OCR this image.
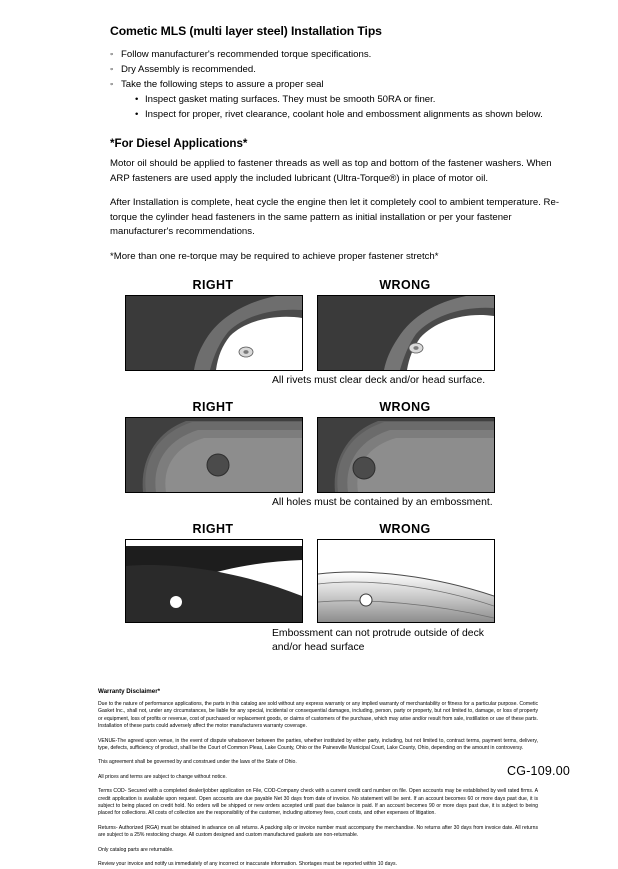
Cometic MLS (multi layer steel) Installation Tips
◦ Follow manufacturer's recommended torque specifications.
◦ Dry Assembly is recommended.
◦ Take the following steps to assure a proper seal
• Inspect gasket mating surfaces. They must be smooth 50RA or finer.
• Inspect for proper, rivet clearance, coolant hole and embossment alignments as shown below.
*For Diesel Applications*

Motor oil should be applied to fastener threads as well as top and bottom of the fastener washers. When ARP fasteners are used apply the included lubricant (Ultra-Torque®) in place of motor oil.

After Installation is complete, heat cycle the engine then let it completely cool to ambient temperature. Re-torque the cylinder head fasteners in the same pattern as initial installation or per your fastener manufacturer's recommendations.

*More than one re-torque may be required to achieve proper fastener stretch*

RIGHT	WRONG
All rivets must clear deck and/or head surface.
RIGHT	WRONG
All holes must be contained by an embossment.
RIGHT	WRONG
Embossment can not protrude outside of deck
and/or head surface
Warranty Disclaimer*

Due to the nature of performance applications, the parts in this catalog are sold without any express warranty or any implied warranty of merchantability or fitness for a particular purpose. Cometic Gasket Inc., shall not, under any circumstances, be liable for any special, incidental or consequential damages, including, person, party or property, but not limited to, damage, or loss of property or equipment, loss of profits or revenue, cost of purchased or replacement goods, or claims of customers of the purchase, which may arise and/or result from sale, instillation or use of these parts. Installation of these parts could adversely affect the motor manufacturers warranty coverage.

VENUE-The agreed upon venue, in the event of dispute whatsoever between the parties, whether instituted by either party, including, but not limited to, contract terms, payment terms, delivery, type, defects, sufficiency of product, shall be the Court of Common Pleas, Lake County, Ohio or the Painesville Municipal Court, Lake County, Ohio, depending on the amount in controversy.

This agreement shall be governed by and construed under the laws of the State of Ohio.

All prices and terms are subject to change without notice.

Terms COD- Secured with a completed dealer/jobber application on File, COD-Company check with a current credit card number on file. Open accounts may be established by well rated firms. A credit application is available upon request. Open accounts are due payable Net 30 days from date of invoice. No statement will be sent. If an account becomes 60 or more days past due, it is subject to being placed on credit hold. No orders will be shipped or new orders accepted until past due balance is paid. If an account becomes 90 or more days past due, it is subject to being placed for collections. All costs of collection are the responsibility of the customer, including attorney fees, court costs, and other expenses of litigation.

Returns- Authorized (RGA) must be obtained in advance on all returns. A packing slip or invoice number must accompany the merchandise. No returns after 30 days from invoice date. All returns are subject to a 25% restocking charge. All custom designed and custom manufactured gaskets are non-returnable.

Only catalog parts are returnable.

Review your invoice and notify us immediately of any incorrect or inaccurate information. Shortages must be reported within 10 days.

CG-109.00
